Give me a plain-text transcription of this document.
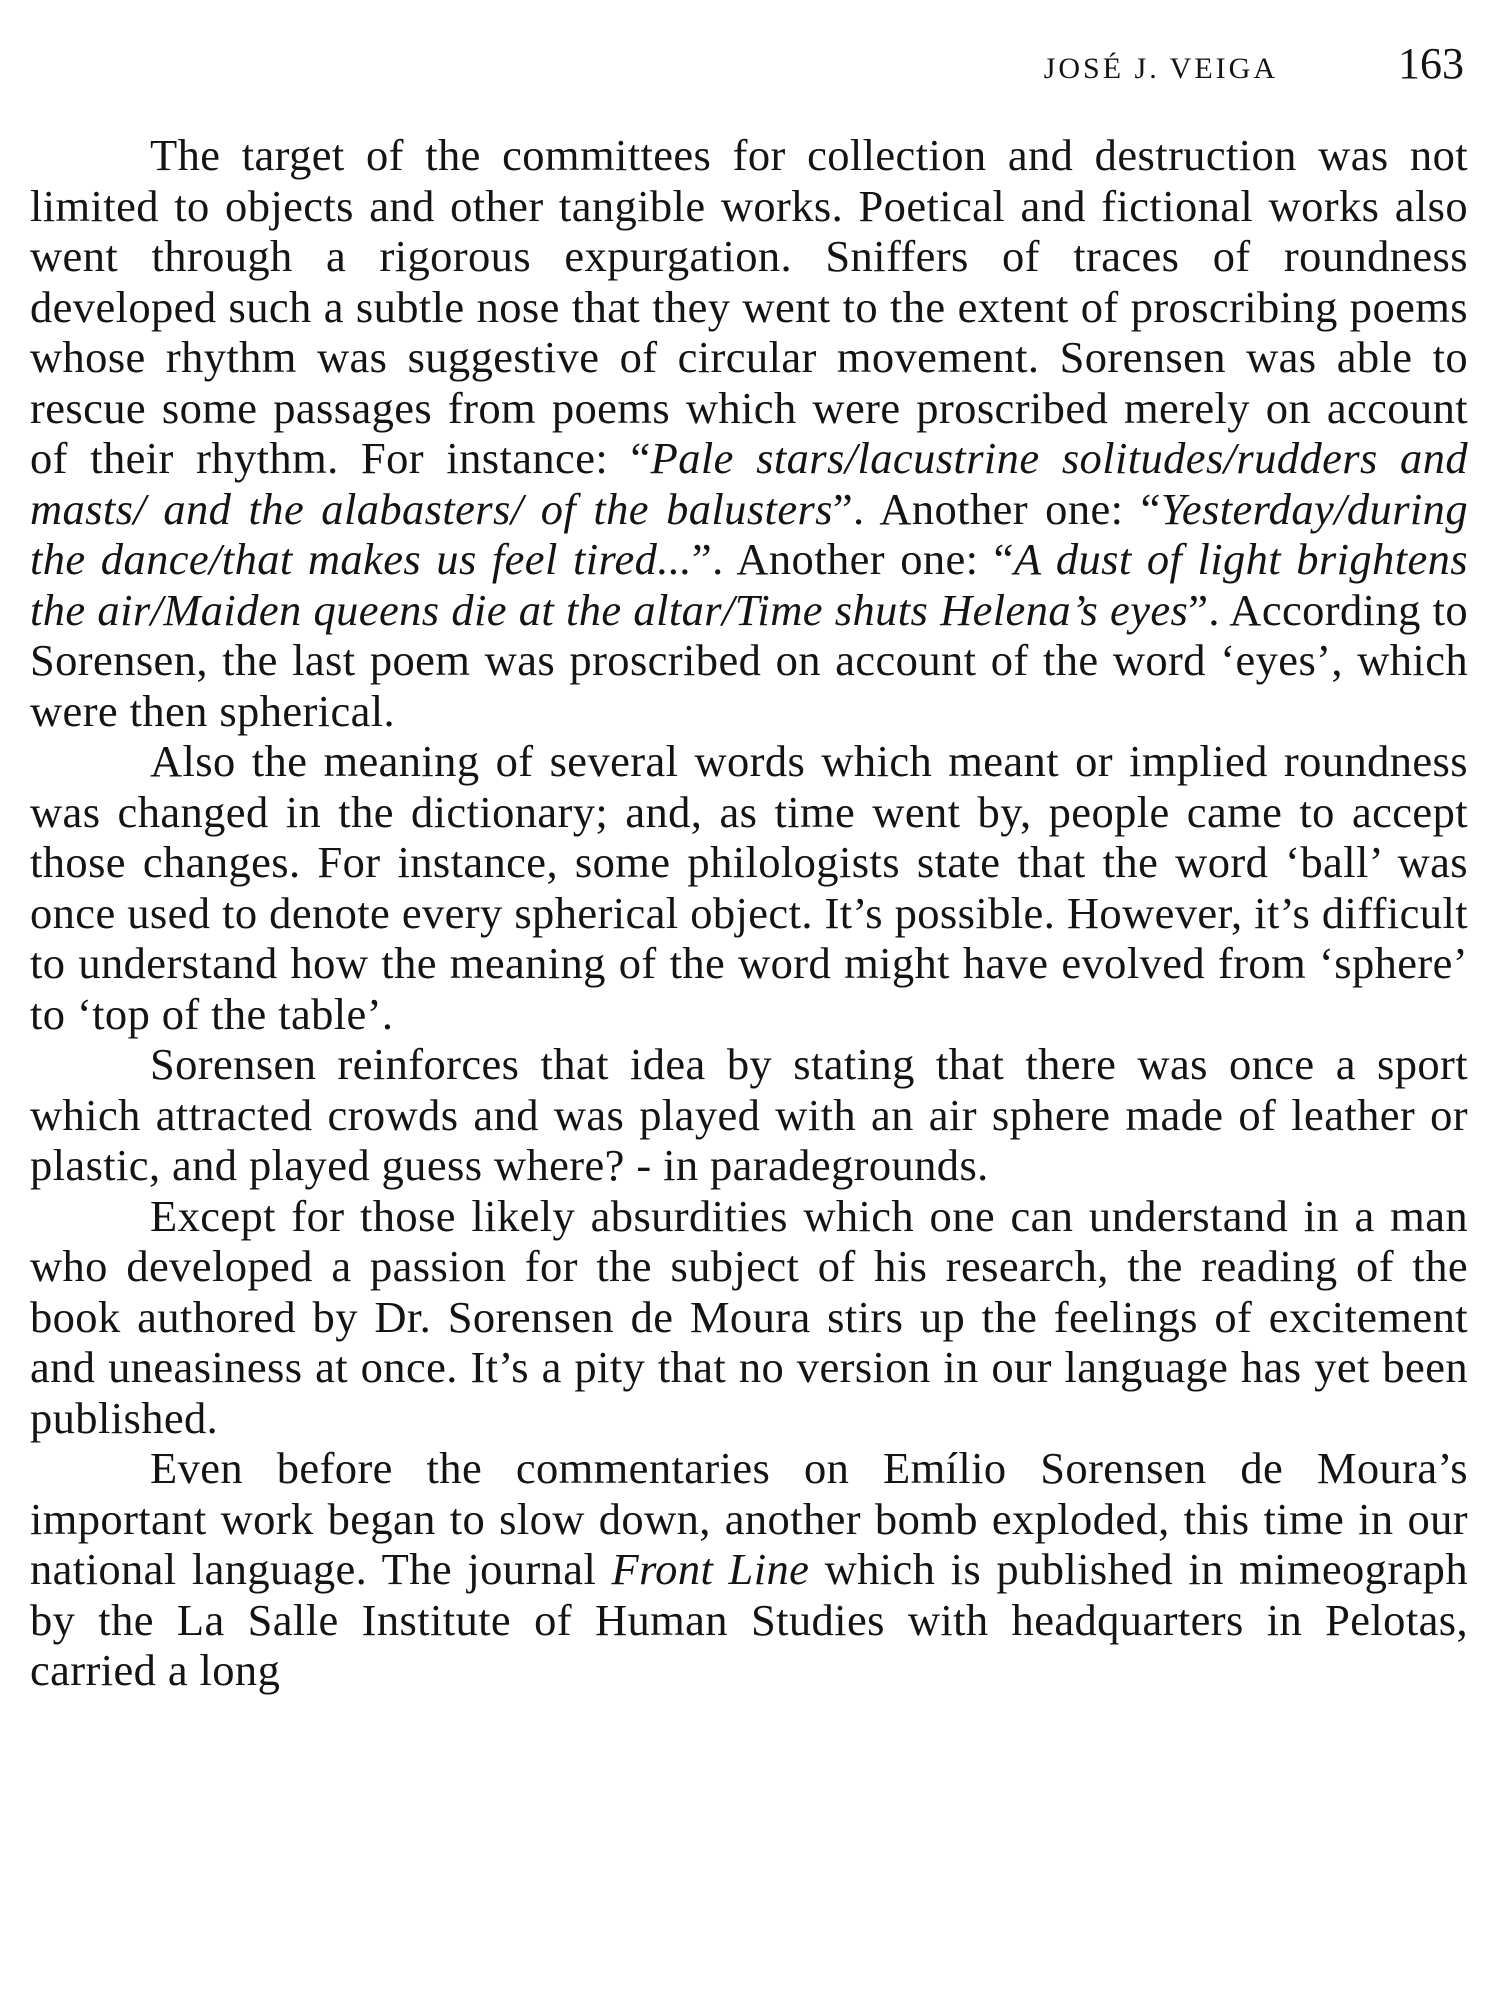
JOSÉ J. VEIGA	163

The target of the committees for collection and destruction was not limited to objects and other tangible works. Poetical and fictional works also went through a rigorous expurgation. Sniffers of traces of roundness developed such a subtle nose that they went to the extent of proscribing poems whose rhythm was suggestive of circular movement. Sorensen was able to rescue some passages from poems which were proscribed merely on account of their rhythm. For instance: “Pale stars/lacustrine solitudes/rudders and masts/ and the alabasters/ of the balusters”. Another one: “Yesterday/during the dance/that makes us feel tired...”. Another one: “A dust of light brightens the air/Maiden queens die at the altar/Time shuts Helena’s eyes”. According to Sorensen, the last poem was proscribed on account of the word ‘eyes’, which were then spherical.

Also the meaning of several words which meant or implied roundness was changed in the dictionary; and, as time went by, people came to accept those changes. For instance, some philologists state that the word ‘ball’ was once used to denote every spherical object. It’s possible. However, it’s difficult to understand how the meaning of the word might have evolved from ‘sphere’ to ‘top of the table’.

Sorensen reinforces that idea by stating that there was once a sport which attracted crowds and was played with an air sphere made of leather or plastic, and played guess where? - in paradegrounds.

Except for those likely absurdities which one can understand in a man who developed a passion for the subject of his research, the reading of the book authored by Dr. Sorensen de Moura stirs up the feelings of excitement and uneasiness at once. It’s a pity that no version in our language has yet been published.

Even before the commentaries on Emílio Sorensen de Moura’s important work began to slow down, another bomb exploded, this time in our national language. The journal Front Line which is published in mimeograph by the La Salle Institute of Human Studies with headquarters in Pelotas, carried a long
